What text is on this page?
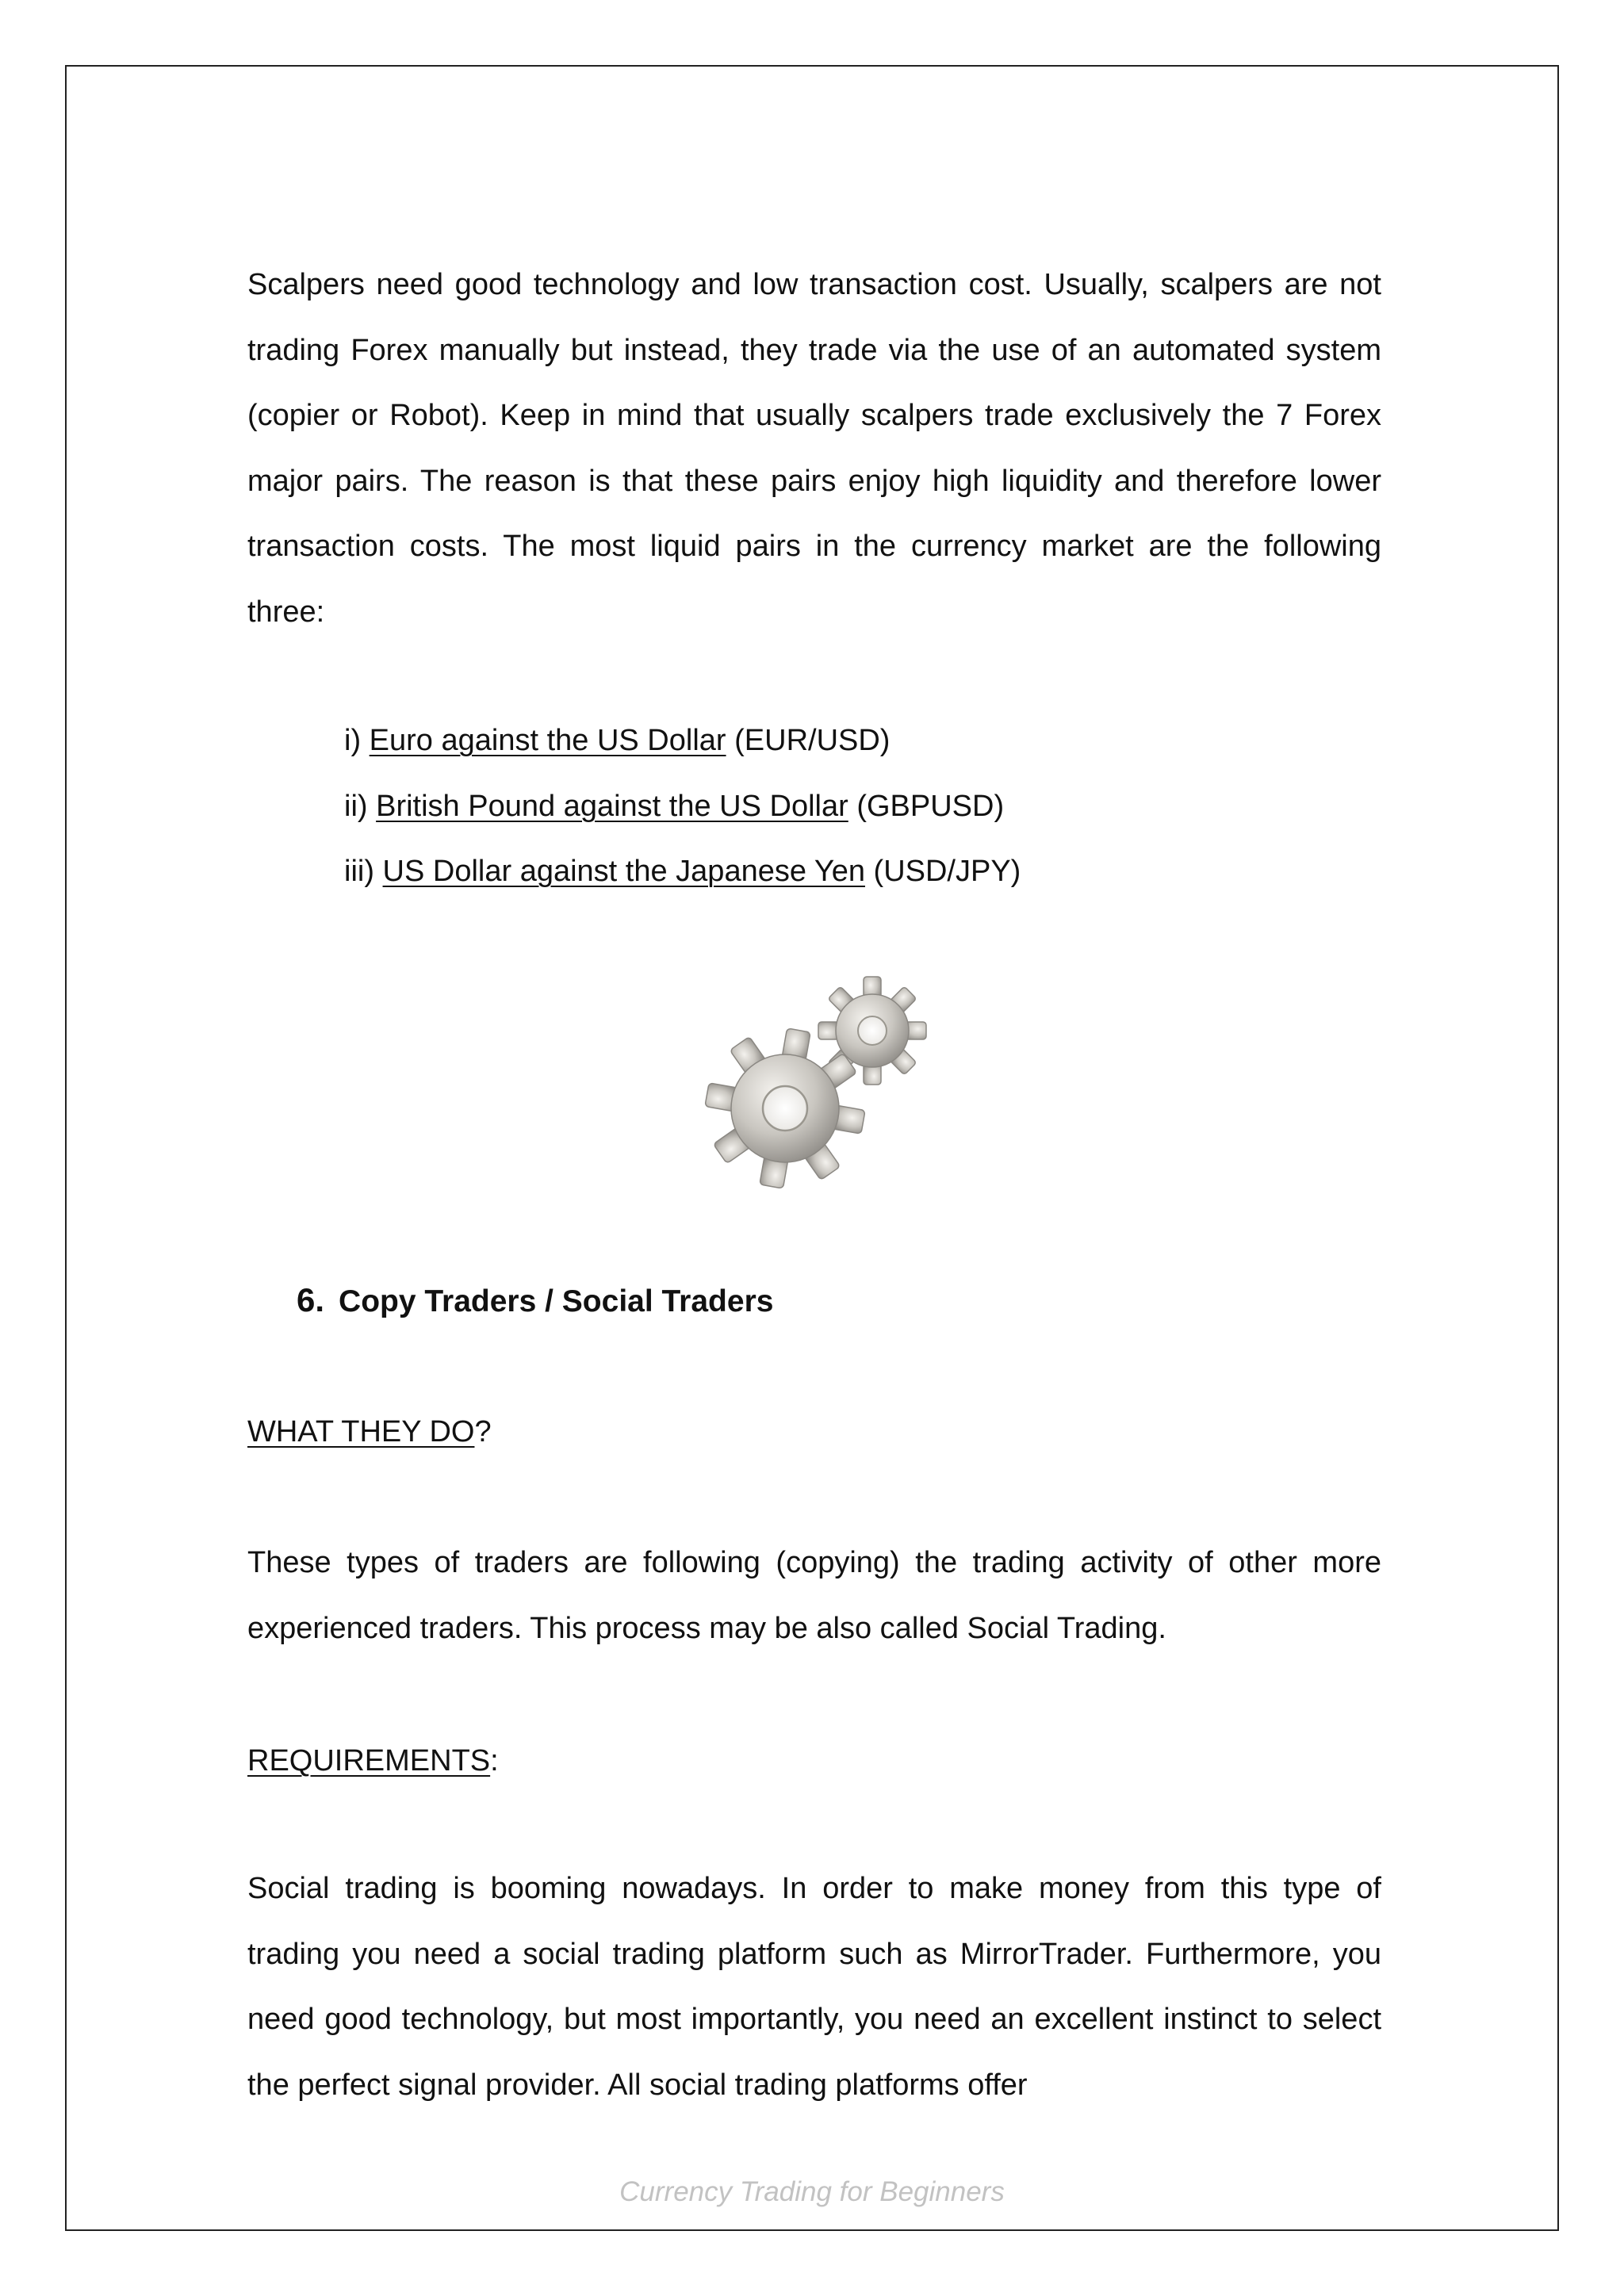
Scalpers need good technology and low transaction cost. Usually, scalpers are not trading Forex manually but instead, they trade via the use of an automated system (copier or Robot). Keep in mind that usually scalpers trade exclusively the 7 Forex major pairs. The reason is that these pairs enjoy high liquidity and therefore lower transaction costs. The most liquid pairs in the currency market are the following three:

i) Euro against the US Dollar (EUR/USD)
ii) British Pound against the US Dollar (GBPUSD)
iii) US Dollar against the Japanese Yen (USD/JPY)
6. Copy Traders / Social Traders
WHAT THEY DO?

These types of traders are following (copying) the trading activity of other more experienced traders. This process may be also called Social Trading.

REQUIREMENTS:

Social trading is booming nowadays. In order to make money from this type of trading you need a social trading platform such as MirrorTrader. Furthermore, you need good technology, but most importantly, you need an excellent instinct to select the perfect signal provider. All social trading platforms offer

Currency Trading for Beginners
